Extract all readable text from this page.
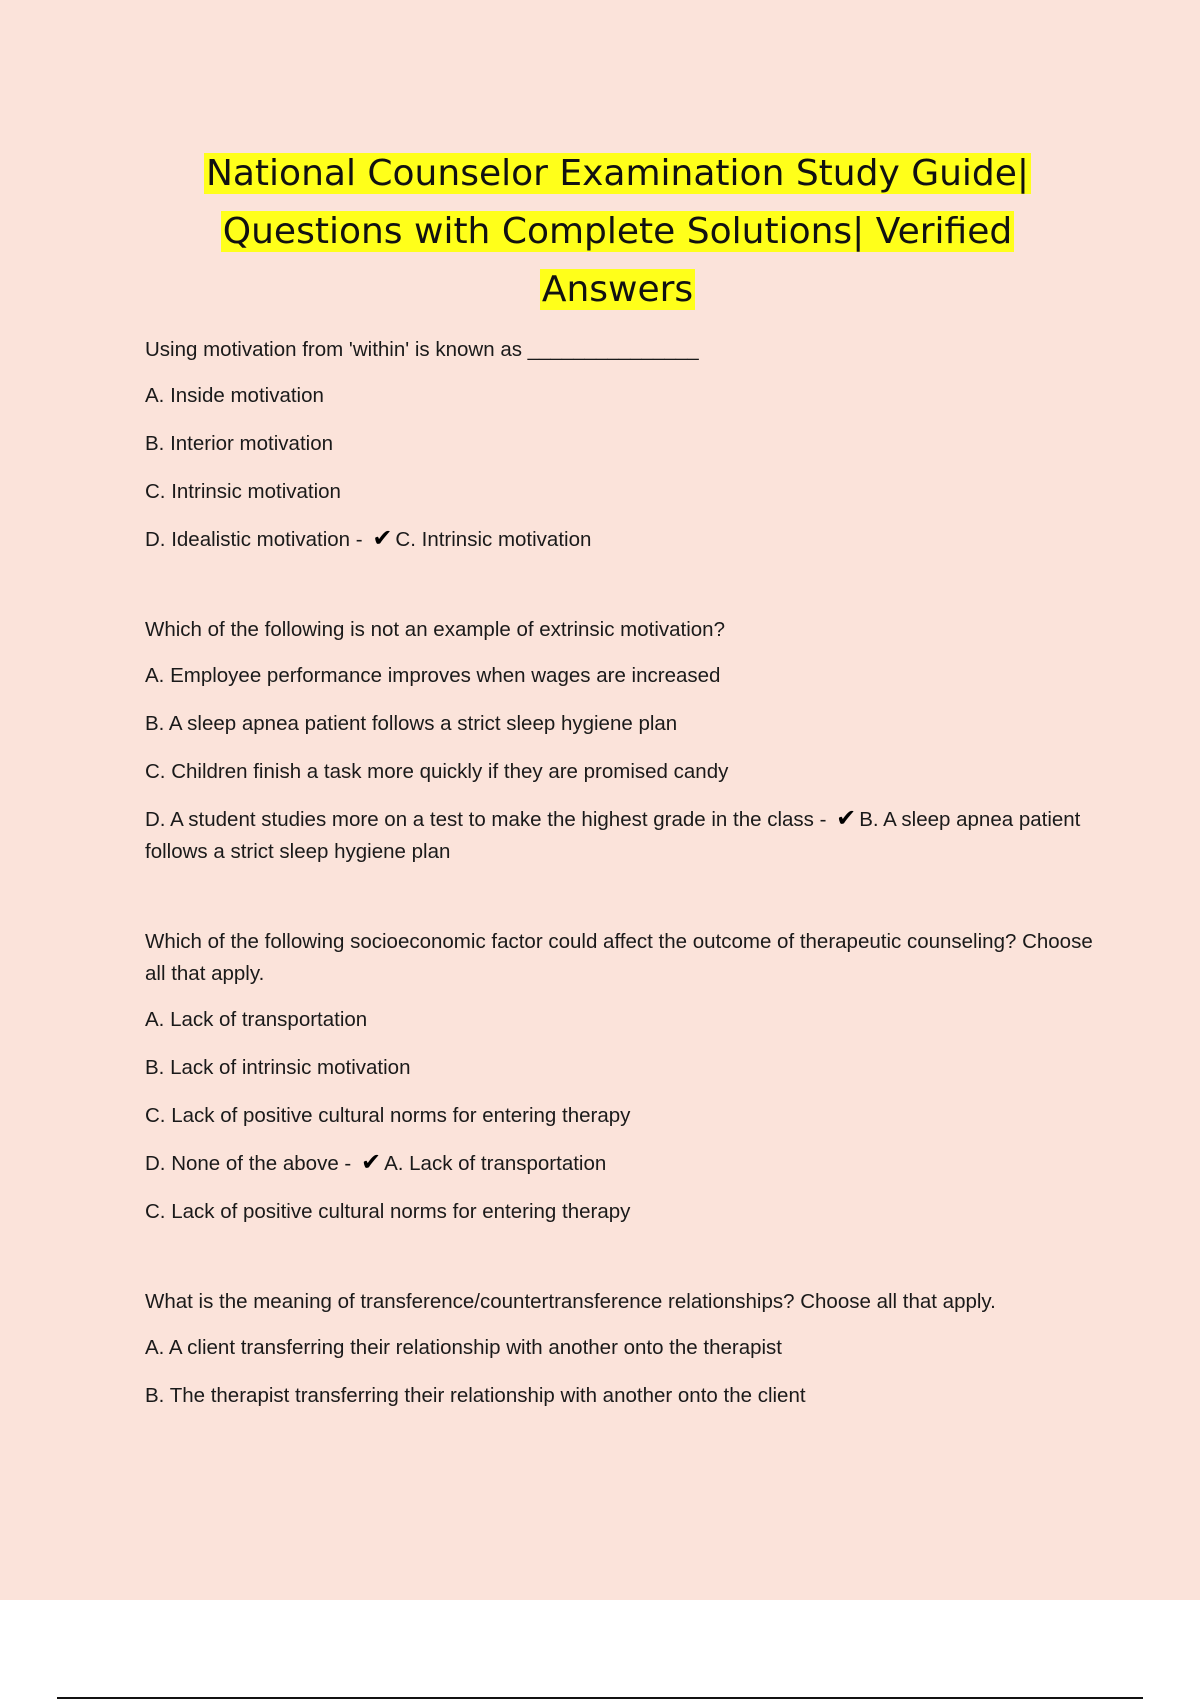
National Counselor Examination Study Guide|
Questions with Complete Solutions| Verified
Answers

Using motivation from 'within' is known as _______________

A. Inside motivation

B. Interior motivation

C. Intrinsic motivation

D. Idealistic motivation - ✔ C. Intrinsic motivation

Which of the following is not an example of extrinsic motivation?

A. Employee performance improves when wages are increased

B. A sleep apnea patient follows a strict sleep hygiene plan

C. Children finish a task more quickly if they are promised candy

D. A student studies more on a test to make the highest grade in the class - ✔ B. A sleep apnea patient follows a strict sleep hygiene plan

Which of the following socioeconomic factor could affect the outcome of therapeutic counseling? Choose all that apply.

A. Lack of transportation

B. Lack of intrinsic motivation

C. Lack of positive cultural norms for entering therapy

D. None of the above - ✔ A. Lack of transportation

C. Lack of positive cultural norms for entering therapy

What is the meaning of transference/countertransference relationships? Choose all that apply.

A. A client transferring their relationship with another onto the therapist

B. The therapist transferring their relationship with another onto the client
